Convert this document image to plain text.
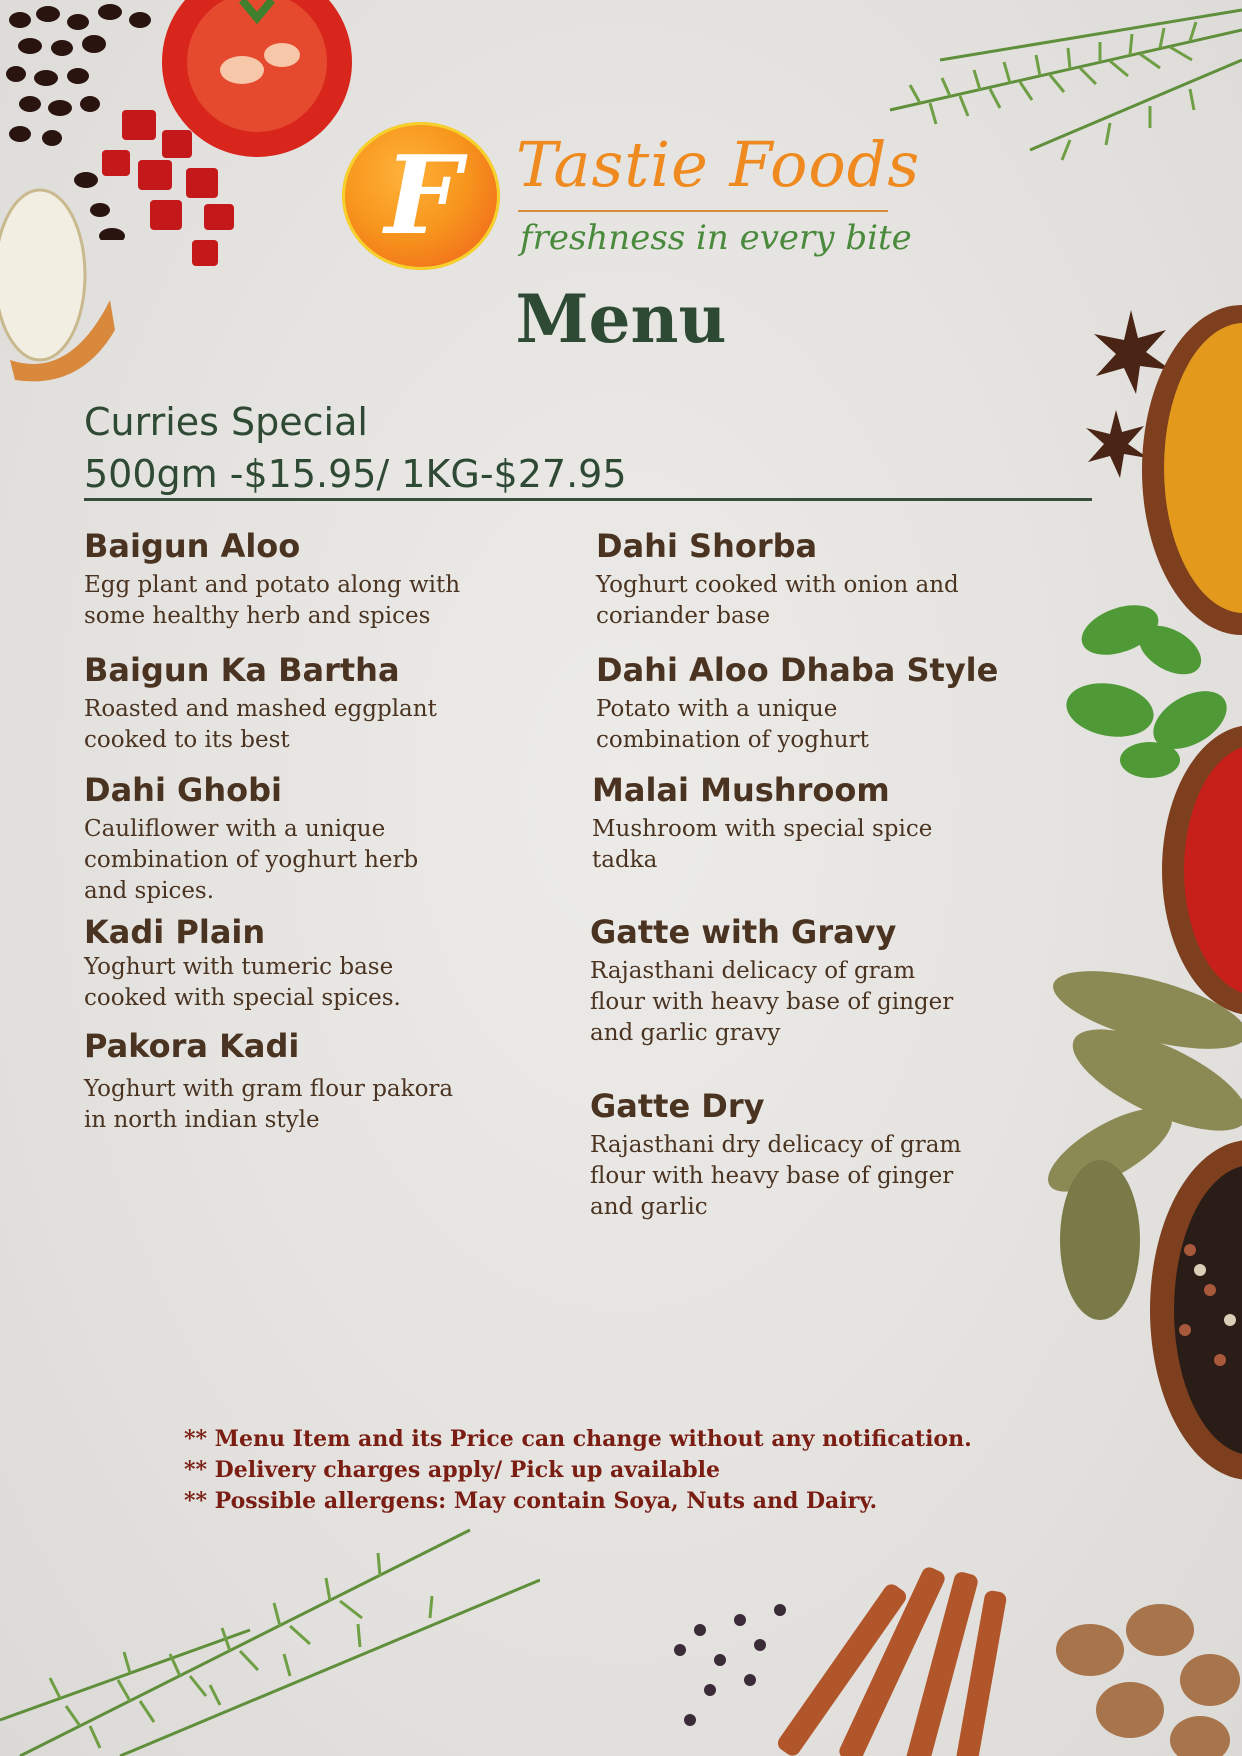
F Tastie Foods
freshness in every bite
Menu
Curries Special
500gm -$15.95/ 1KG-$27.95
Baigun Aloo
Egg plant and potato along with
some healthy herb and spices
Baigun Ka Bartha
Roasted and mashed eggplant
cooked to its best
Dahi Ghobi
Cauliflower with a unique
combination of yoghurt herb
and spices.
Kadi Plain
Yoghurt with tumeric base
cooked with special spices.
Pakora Kadi
Yoghurt with gram flour pakora
in north indian style
Dahi Shorba
Yoghurt cooked with onion and
coriander base
Dahi Aloo Dhaba Style
Potato with a unique
combination of yoghurt
Malai Mushroom
Mushroom with special spice
tadka
Gatte with Gravy
Rajasthani delicacy of gram
flour with heavy base of ginger
and garlic gravy
Gatte Dry
Rajasthani dry delicacy of gram
flour with heavy base of ginger
and garlic
** Menu Item and its Price can change without any notification.
** Delivery charges apply/ Pick up available
** Possible allergens: May contain Soya, Nuts and Dairy.
